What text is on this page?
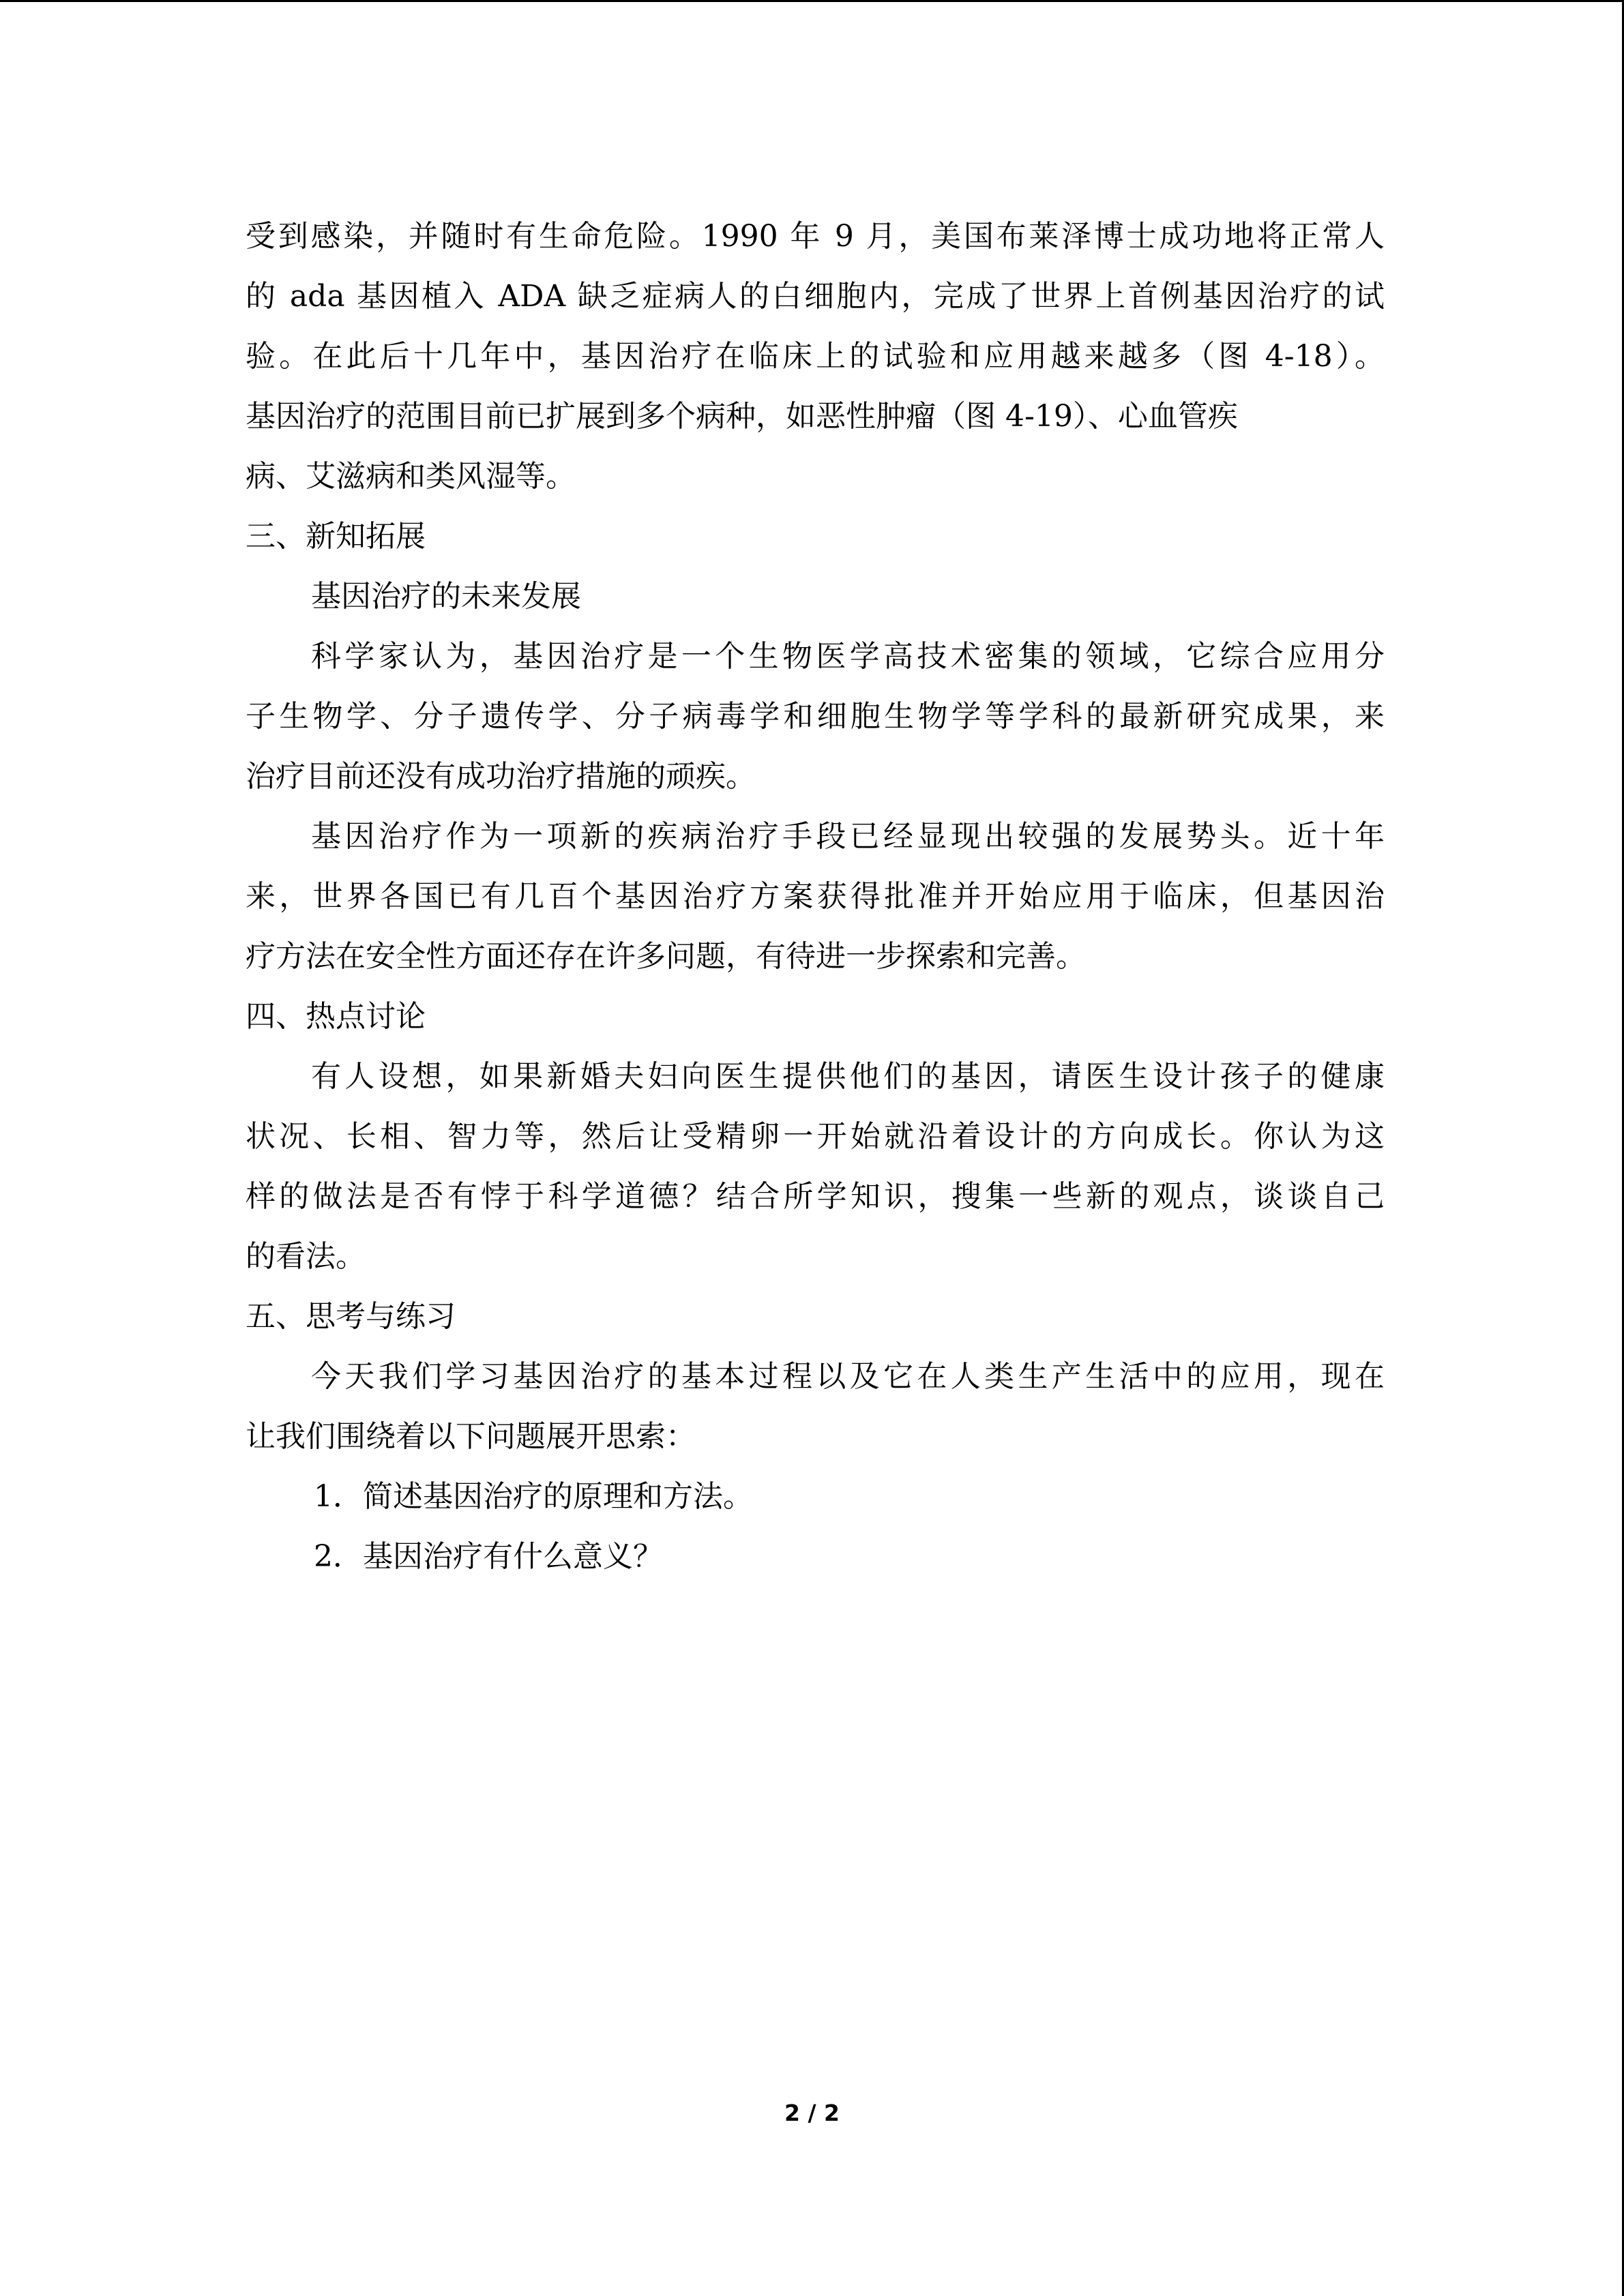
受到感染，并随时有生命危险。1990 年 9 月，美国布莱泽博士成功地将正常人

的 ada 基因植入 ADA 缺乏症病人的白细胞内，完成了世界上首例基因治疗的试

验。在此后十几年中，基因治疗在临床上的试验和应用越来越多（图 4-18）。

基因治疗的范围目前已扩展到多个病种，如恶性肿瘤（图 4-19）、心血管疾

病、艾滋病和类风湿等。

三、新知拓展

基因治疗的未来发展

科学家认为，基因治疗是一个生物医学高技术密集的领域，它综合应用分

子生物学、分子遗传学、分子病毒学和细胞生物学等学科的最新研究成果，来

治疗目前还没有成功治疗措施的顽疾。

基因治疗作为一项新的疾病治疗手段已经显现出较强的发展势头。近十年

来，世界各国已有几百个基因治疗方案获得批准并开始应用于临床，但基因治

疗方法在安全性方面还存在许多问题，有待进一步探索和完善。

四、热点讨论

有人设想，如果新婚夫妇向医生提供他们的基因，请医生设计孩子的健康

状况、长相、智力等，然后让受精卵一开始就沿着设计的方向成长。你认为这

样的做法是否有悖于科学道德？结合所学知识，搜集一些新的观点，谈谈自己

的看法。

五、思考与练习

今天我们学习基因治疗的基本过程以及它在人类生产生活中的应用，现在

让我们围绕着以下问题展开思索：

1．简述基因治疗的原理和方法。

2．基因治疗有什么意义？

2 / 2
